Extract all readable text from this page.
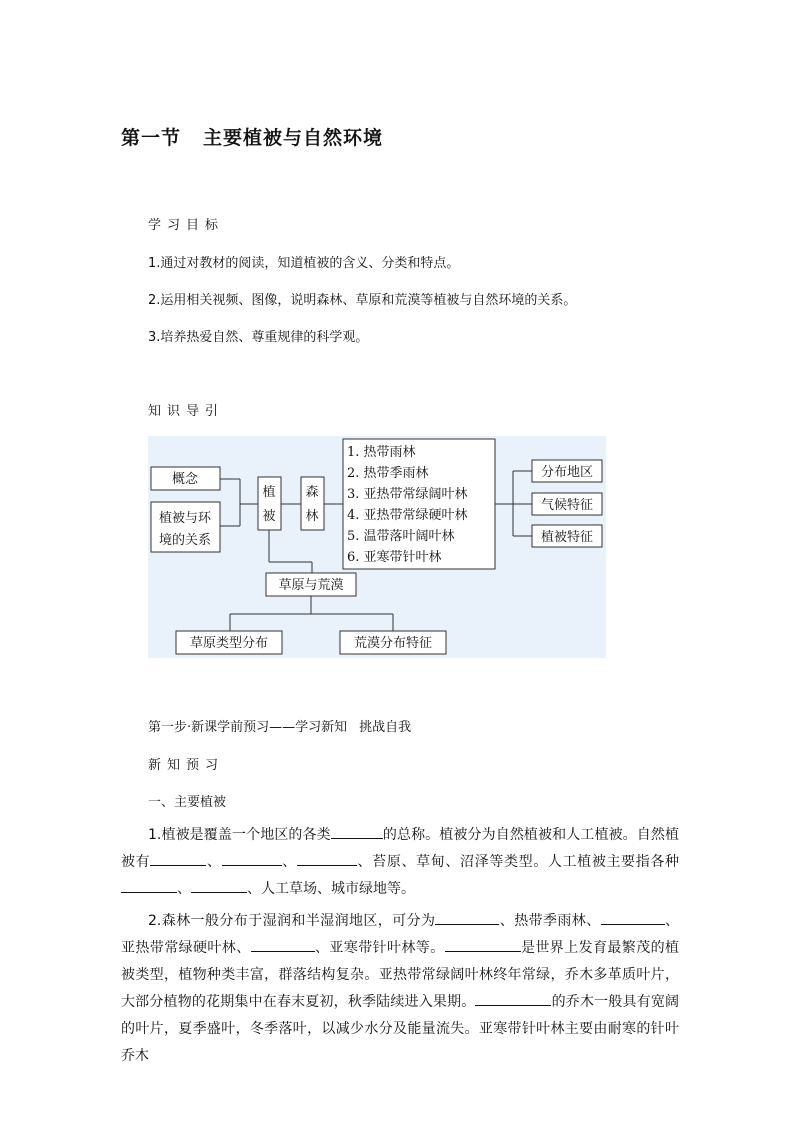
第一节 主要植被与自然环境
学习目标
1.通过对教材的阅读，知道植被的含义、分类和特点。
2.运用相关视频、图像，说明森林、草原和荒漠等植被与自然环境的关系。
3.培养热爱自然、尊重规律的科学观。
知识导引
概念
植被与环
境的关系
植
被
森
林
1. 热带雨林
2. 热带季雨林
3. 亚热带常绿阔叶林
4. 亚热带常绿硬叶林
5. 温带落叶阔叶林
6. 亚寒带针叶林
分布地区
气候特征
植被特征
草原与荒漠
草原类型分布	荒漠分布特征
第一步·新课学前预习——学习新知 挑战自我
新知预习
一、主要植被

1.植被是覆盖一个地区的各类	的总称。植被分为自然植被和人工植被。自然植被有	、	、	、苔原、草甸、沼泽等类型。人工植被主要指各种、	、人工草场、城市绿地等。

2.森林一般分布于湿润和半湿润地区，可分为	、热带季雨林、	、亚热带常绿硬叶林、	、亚寒带针叶林等。	是世界上发育最繁茂的植被类型，植物种类丰富，群落结构复杂。亚热带常绿阔叶林终年常绿，乔木多革质叶片，大部分植物的花期集中在春末夏初，秋季陆续进入果期。	的乔木一般具有宽阔的叶片，夏季盛叶，冬季落叶，以减少水分及能量流失。亚寒带针叶林主要由耐寒的针叶乔木
